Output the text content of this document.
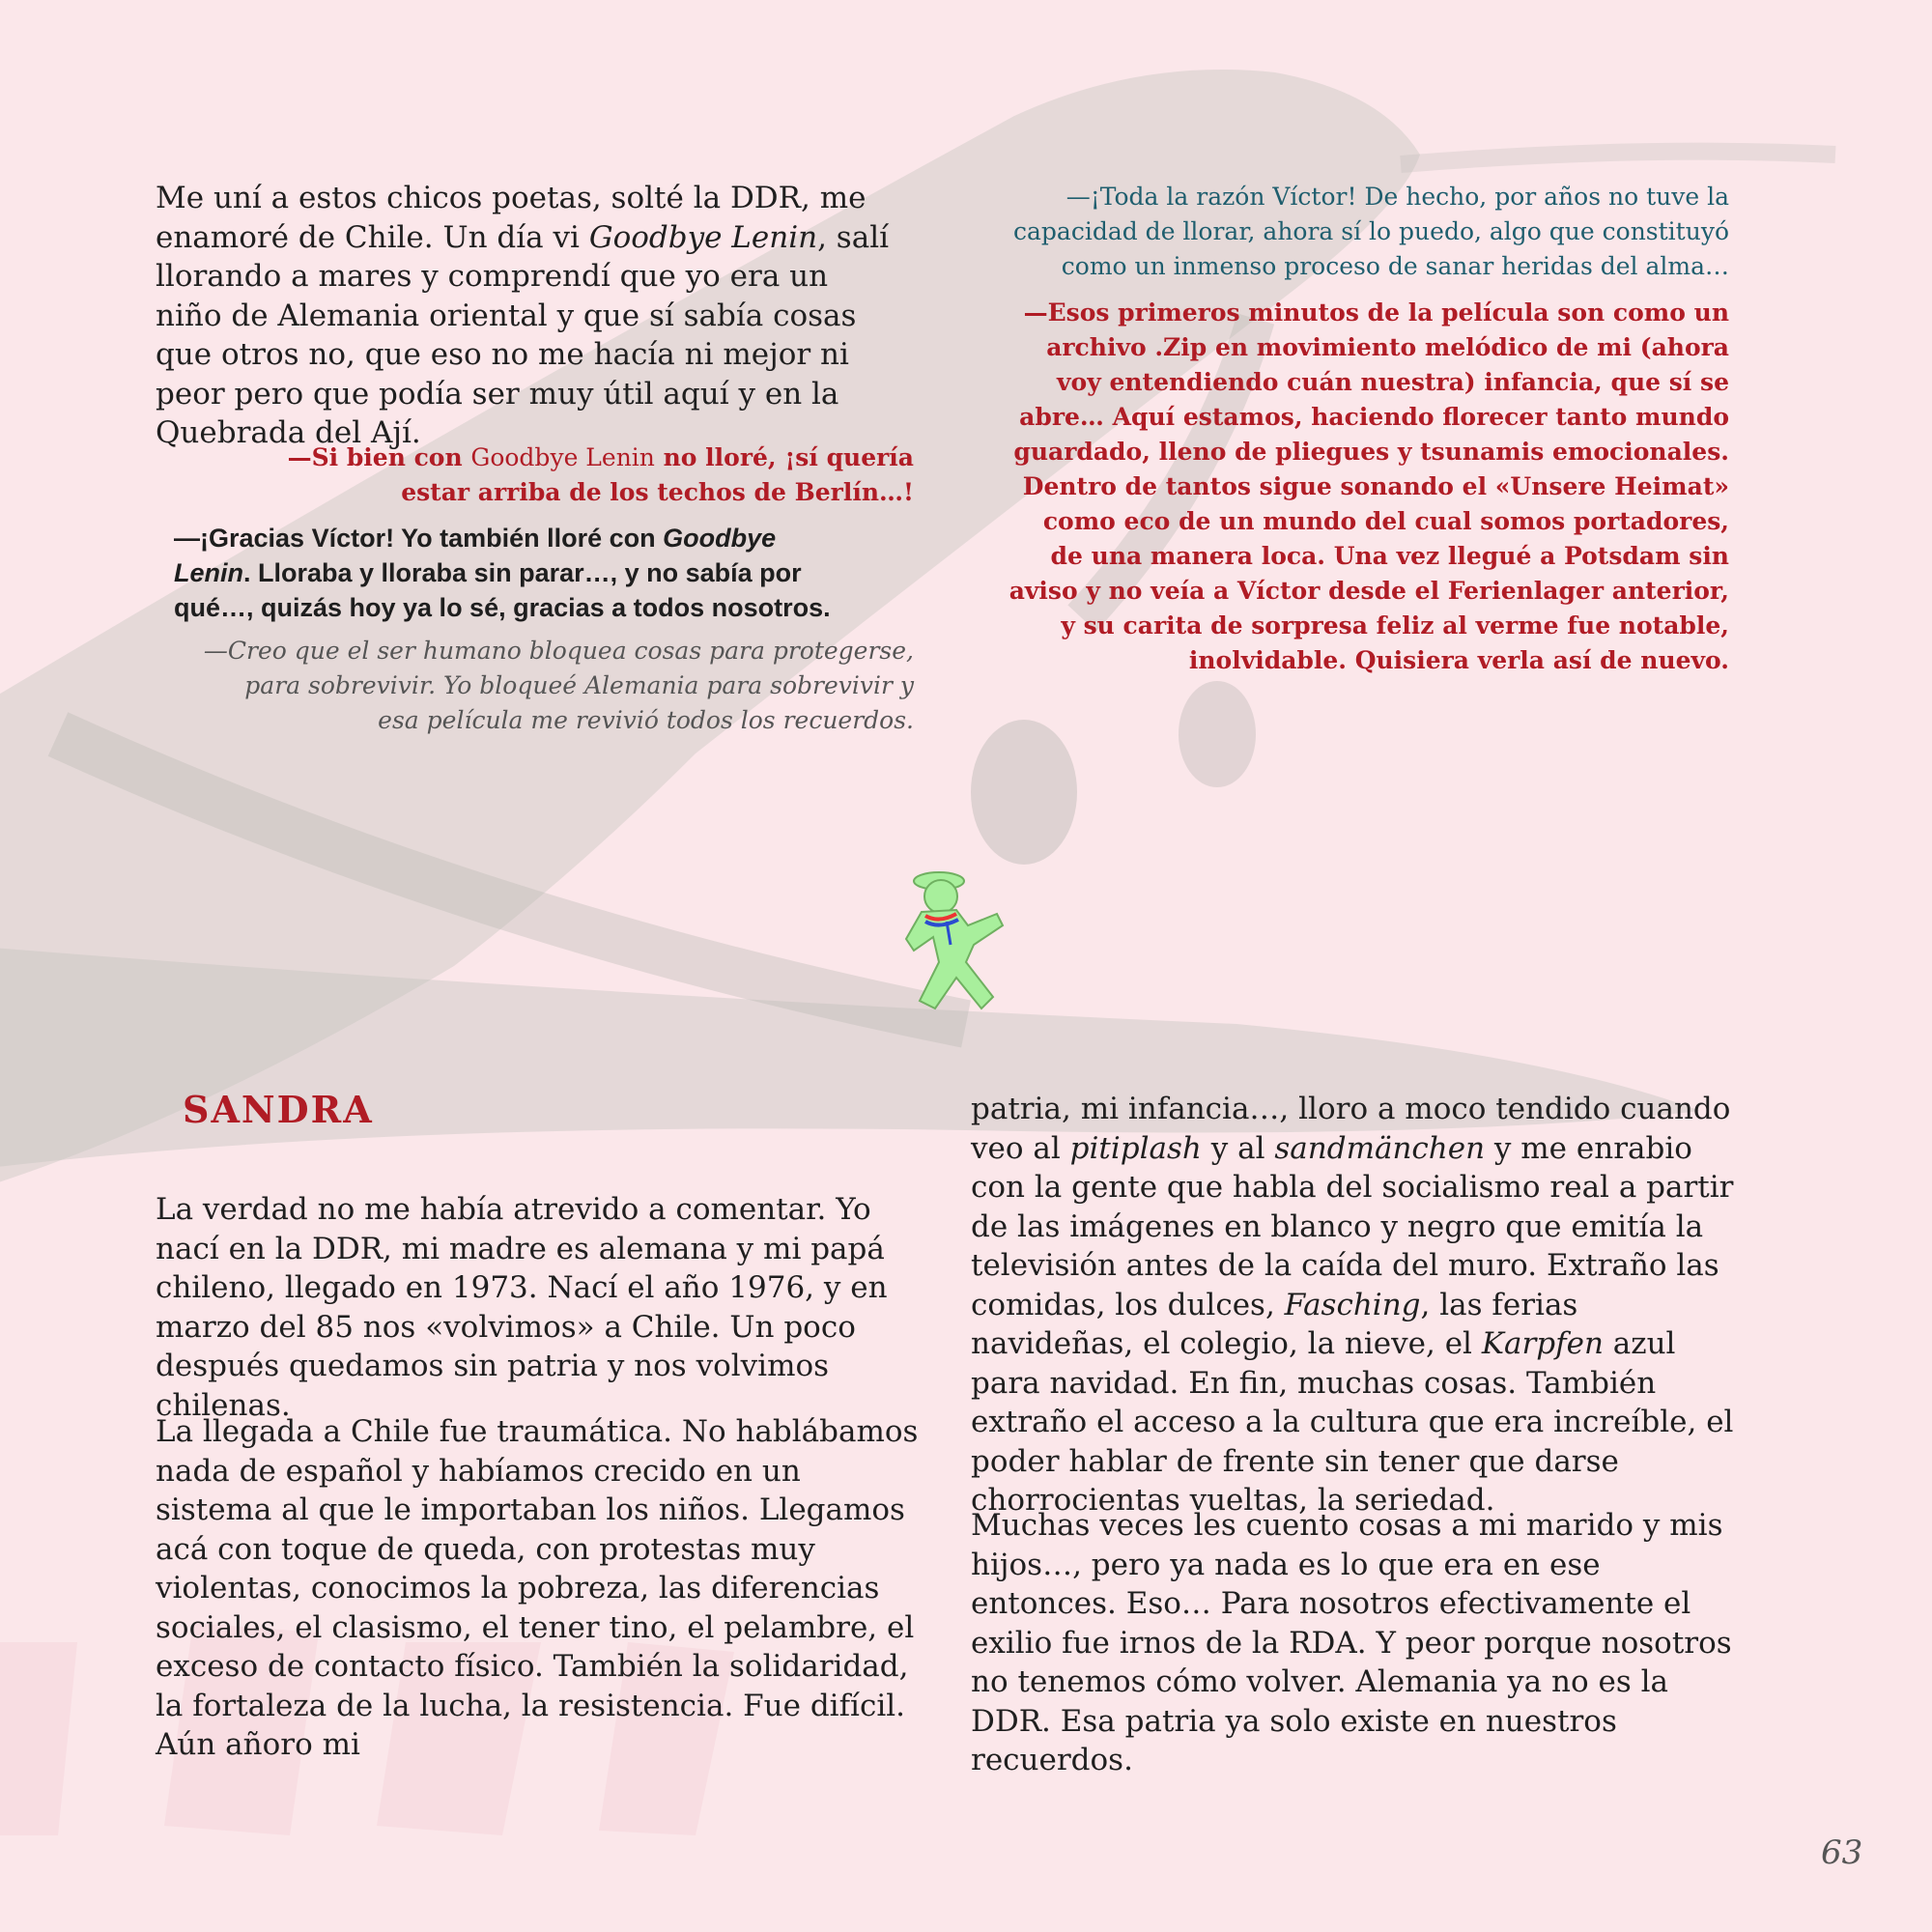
Me uní a estos chicos poetas, solté la DDR, me enamoré de Chile. Un día vi Goodbye Lenin, salí llorando a mares y comprendí que yo era un niño de Alemania oriental y que sí sabía cosas que otros no, que eso no me hacía ni mejor ni peor pero que podía ser muy útil aquí y en la Quebrada del Ají.

—Si bien con Goodbye Lenin no lloré, ¡sí quería estar arriba de los techos de Berlín…!

—¡Gracias Víctor! Yo también lloré con Goodbye Lenin. Lloraba y lloraba sin parar…, y no sabía por qué…, quizás hoy ya lo sé, gracias a todos nosotros.

—Creo que el ser humano bloquea cosas para protegerse, para sobrevivir. Yo bloqueé Alemania para sobrevivir y esa película me revivió todos los recuerdos.

—¡Toda la razón Víctor! De hecho, por años no tuve la capacidad de llorar, ahora sí lo puedo, algo que constituyó como un inmenso proceso de sanar heridas del alma…

—Esos primeros minutos de la película son como un archivo .Zip en movimiento melódico de mi (ahora voy entendiendo cuán nuestra) infancia, que sí se abre… Aquí estamos, haciendo florecer tanto mundo guardado, lleno de pliegues y tsunamis emocionales. Dentro de tantos sigue sonando el «Unsere Heimat» como eco de un mundo del cual somos portadores, de una manera loca. Una vez llegué a Potsdam sin aviso y no veía a Víctor desde el Ferienlager anterior, y su carita de sorpresa feliz al verme fue notable, inolvidable. Quisiera verla así de nuevo.

SANDRA

La verdad no me había atrevido a comentar. Yo nací en la DDR, mi madre es alemana y mi papá chileno, llegado en 1973. Nací el año 1976, y en marzo del 85 nos «volvimos» a Chile. Un poco después quedamos sin patria y nos volvimos chilenas.

La llegada a Chile fue traumática. No hablábamos nada de español y habíamos crecido en un sistema al que le importaban los niños. Llegamos acá con toque de queda, con protestas muy violentas, conocimos la pobreza, las diferencias sociales, el clasismo, el tener tino, el pelambre, el exceso de contacto físico. También la solidaridad, la fortaleza de la lucha, la resistencia. Fue difícil. Aún añoro mi

patria, mi infancia…, lloro a moco tendido cuando veo al pitiplash y al sandmänchen y me enrabio con la gente que habla del socialismo real a partir de las imágenes en blanco y negro que emitía la televisión antes de la caída del muro. Extraño las comidas, los dulces, Fasching, las ferias navideñas, el colegio, la nieve, el Karpfen azul para navidad. En fin, muchas cosas. También extraño el acceso a la cultura que era increíble, el poder hablar de frente sin tener que darse chorrocientas vueltas, la seriedad.

Muchas veces les cuento cosas a mi marido y mis hijos…, pero ya nada es lo que era en ese entonces. Eso… Para nosotros efectivamente el exilio fue irnos de la RDA. Y peor porque nosotros no tenemos cómo volver. Alemania ya no es la DDR. Esa patria ya solo existe en nuestros recuerdos.

63
